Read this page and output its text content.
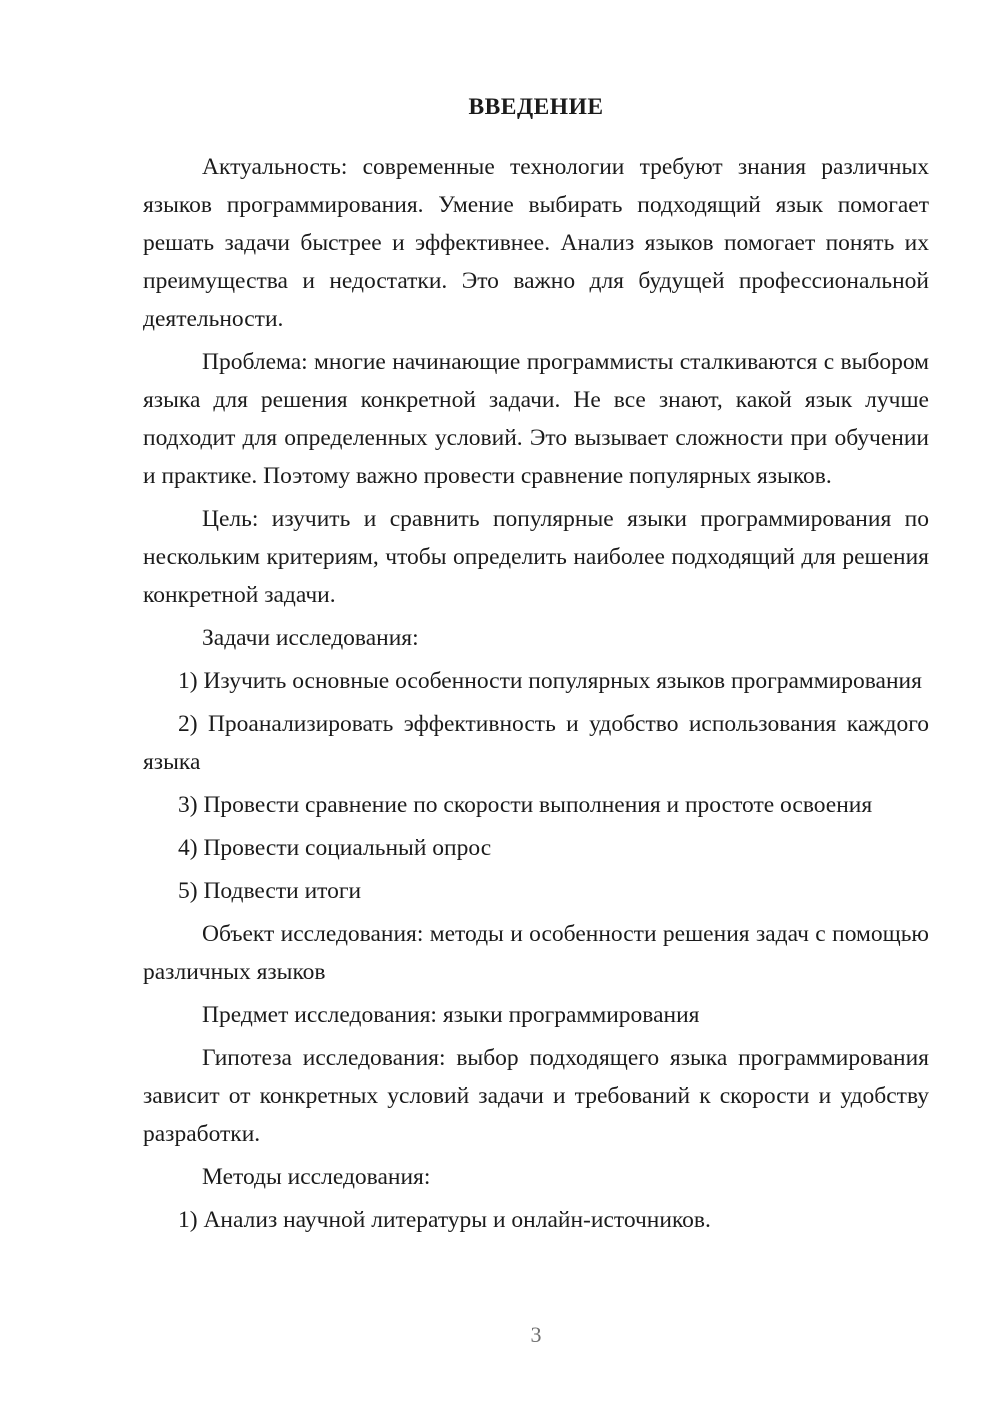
ВВЕДЕНИЕ

Актуальность: современные технологии требуют знания различных языков программирования. Умение выбирать подходящий язык помогает решать задачи быстрее и эффективнее. Анализ языков помогает понять их преимущества и недостатки. Это важно для будущей профессиональной деятельности.

Проблема: многие начинающие программисты сталкиваются с выбором языка для решения конкретной задачи. Не все знают, какой язык лучше подходит для определенных условий. Это вызывает сложности при обучении и практике. Поэтому важно провести сравнение популярных языков.

Цель: изучить и сравнить популярные языки программирования по нескольким критериям, чтобы определить наиболее подходящий для решения конкретной задачи.

Задачи исследования:

1) Изучить основные особенности популярных языков программирования

2) Проанализировать эффективность и удобство использования каждого языка

3) Провести сравнение по скорости выполнения и простоте освоения

4) Провести социальный опрос

5) Подвести итоги

Объект исследования: методы и особенности решения задач с помощью различных языков

Предмет исследования: языки программирования

Гипотеза исследования: выбор подходящего языка программирования зависит от конкретных условий задачи и требований к скорости и удобству разработки.

Методы исследования:

1) Анализ научной литературы и онлайн-источников.

3
